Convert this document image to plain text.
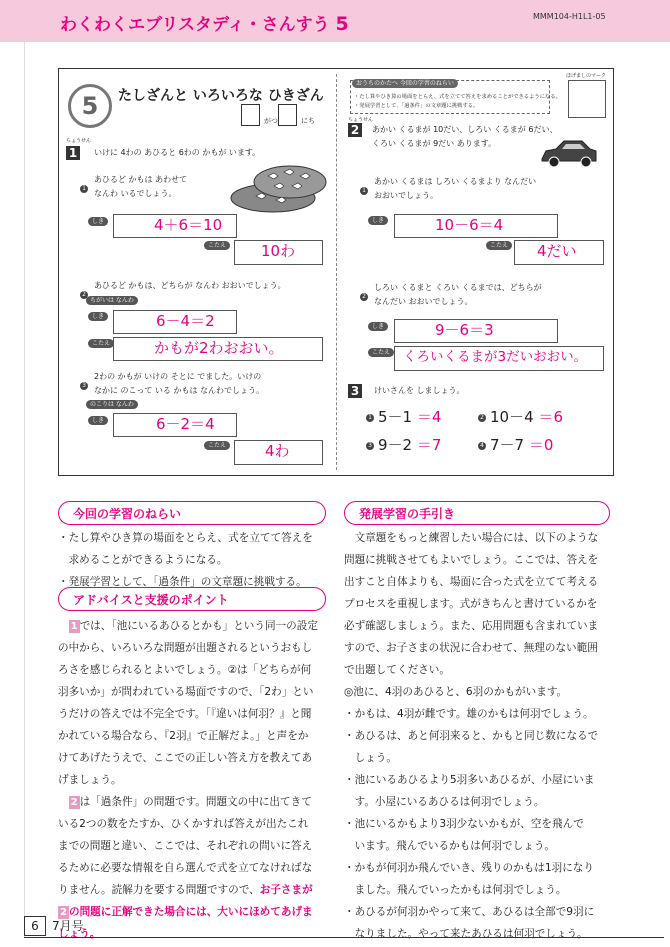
わくわくエブリスタディ・さんすう 5	MMM104-H1L1-05
5	たしざんと いろいろな ひきざん
がつ	にち
おうちのかたへ 今回の学習のねらい
・たし算やひき算の場面をとらえ、式を立てて答えを求めることができるようになる。
・発展学習として、「過条件」の文章題に挑戦する。
ほげましのマーク
ちょうせん
1	いけに 4わの あひると 6わの かもが います。
1
あひるど かもは あわせて
なんわ いるでしょう。
しき	4＋6＝10
こたえ	10わ
2
あひるど かもは、どちらが なんわ おおいでしょう。
ちがいは なんわ
しき	6－4＝2
こたえ	かもが2わおおい。
3
2わの かもが いけの そとに でました。いけの
なかに のこって いる かもは なんわでしょう。
のこりは なんわ
しき	6－2＝4
こたえ	4わ
ちょうせん
2	あかい くるまが 10だい、しろい くるまが 6だい、
くろい くるまが 9だい あります。
1
あかい くるまは しろい くるまより なんだい
おおいでしょう。
しき	10－6＝4
こたえ	4だい
2
しろい くるまと くろい くるまでは、どちらが
なんだい おおいでしょう。
しき	9－6＝3
こたえ くろいくるまが3だいおおい。
3	けいさんを しましょう。
1 5－1 ＝4	2 10－4 ＝6
3 9－2 ＝7	4 7－7 ＝0
今回の学習のねらい
・たし算やひき算の場面をとらえ、式を立てて答えを
　求めることができるようになる。
・発展学習として、「過条件」の文章題に挑戦する。
アドバイスと支援のポイント
　1 では、「池にいるあひるとかも」という同一の設定
の中から、いろいろな問題が出題されるというおもし
ろさを感じられるとよいでしょう。②は「どちらが何
羽多いか」が問われている場面ですので、「2わ」とい
うだけの答えでは不完全です。「『違いは何羽？』と聞
かれている場合なら、『2羽』で正解だよ。」と声をか
けてあげたうえで、ここでの正しい答え方を教えてあ
げましょう。
　2 は「過条件」の問題です。問題文の中に出てきて
いる2つの数をたすか、ひくかすれば答えが出たこれ
までの問題と違い、ここでは、それぞれの問いに答え
るために必要な情報を自ら選んで式を立てなければな
りません。読解力を要する問題ですので、お子さまが
2 の問題に正解できた場合には、大いにほめてあげま
しょう。
発展学習の手引き
　文章題をもっと練習したい場合には、以下のような
問題に挑戦させてもよいでしょう。ここでは、答えを
出すこと自体よりも、場面に合った式を立てて考える
プロセスを重視します。式がきちんと書けているかを
必ず確認しましょう。また、応用問題も含まれていま
すので、お子さまの状況に合わせて、無理のない範囲
で出題してください。
◎池に、4羽のあひると、6羽のかもがいます。
・かもは、4羽が雌です。雄のかもは何羽でしょう。
・あひるは、あと何羽来ると、かもと同じ数になるで
　しょう。
・池にいるあひるより5羽多いあひるが、小屋にいま
　す。小屋にいるあひるは何羽でしょう。
・池にいるかもより3羽少ないかもが、空を飛んで
　います。飛んでいるかもは何羽でしょう。
・かもが何羽か飛んでいき、残りのかもは1羽になり
　ました。飛んでいったかもは何羽でしょう。
・あひるが何羽かやって来て、あひるは全部で9羽に
　なりました。やって来たあひるは何羽でしょう。
6	7月号
